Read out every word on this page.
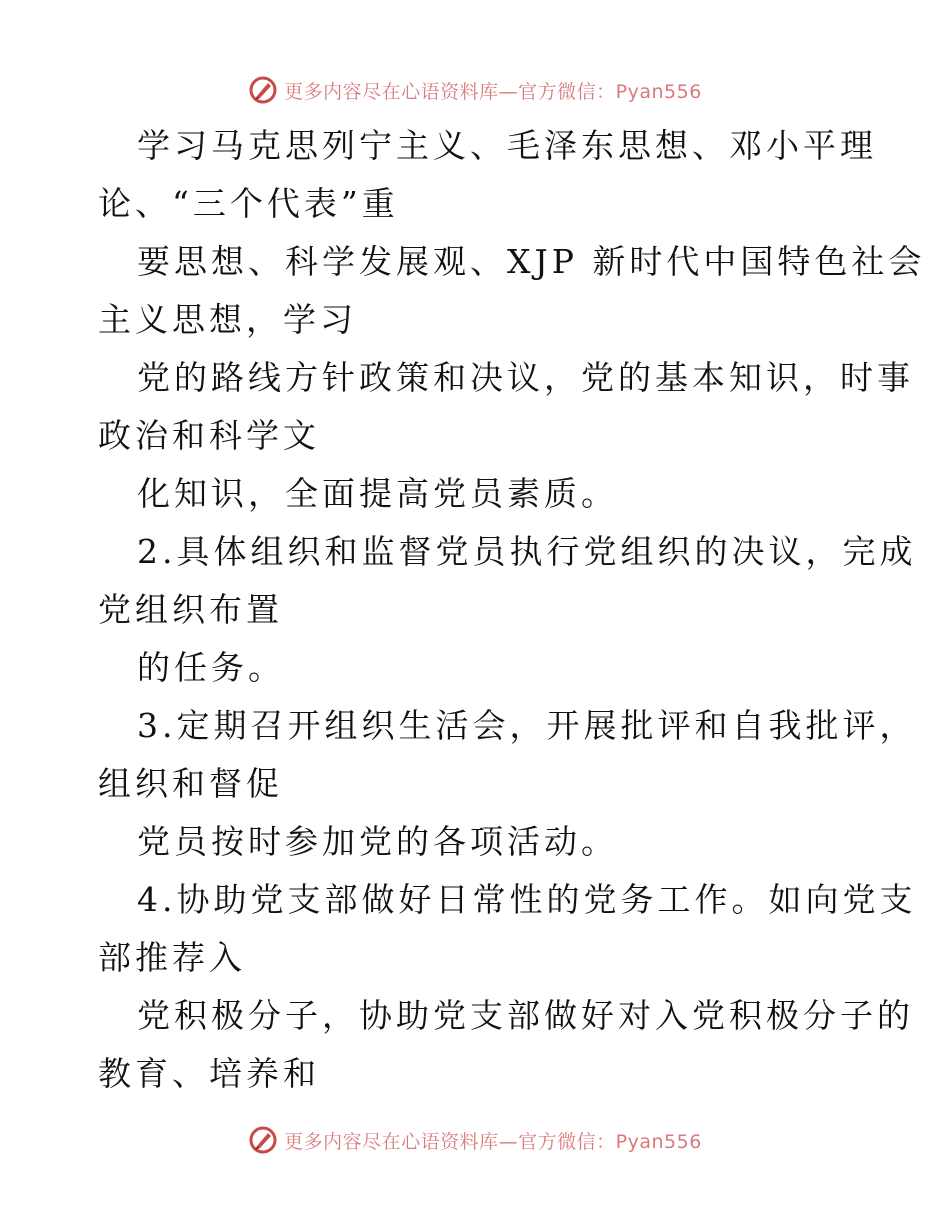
更多内容尽在心语资料库—官方微信：Pyan556
学习马克思列宁主义、毛泽东思想、邓小平理
论、“三个代表”重
要思想、科学发展观、XJP 新时代中国特色社会
主义思想，学习
党的路线方针政策和决议，党的基本知识，时事
政治和科学文
化知识，全面提高党员素质。
2.具体组织和监督党员执行党组织的决议，完成
党组织布置
的任务。
3.定期召开组织生活会，开展批评和自我批评，
组织和督促
党员按时参加党的各项活动。
4.协助党支部做好日常性的党务工作。如向党支
部推荐入
党积极分子，协助党支部做好对入党积极分子的
教育、培养和
更多内容尽在心语资料库—官方微信：Pyan556
